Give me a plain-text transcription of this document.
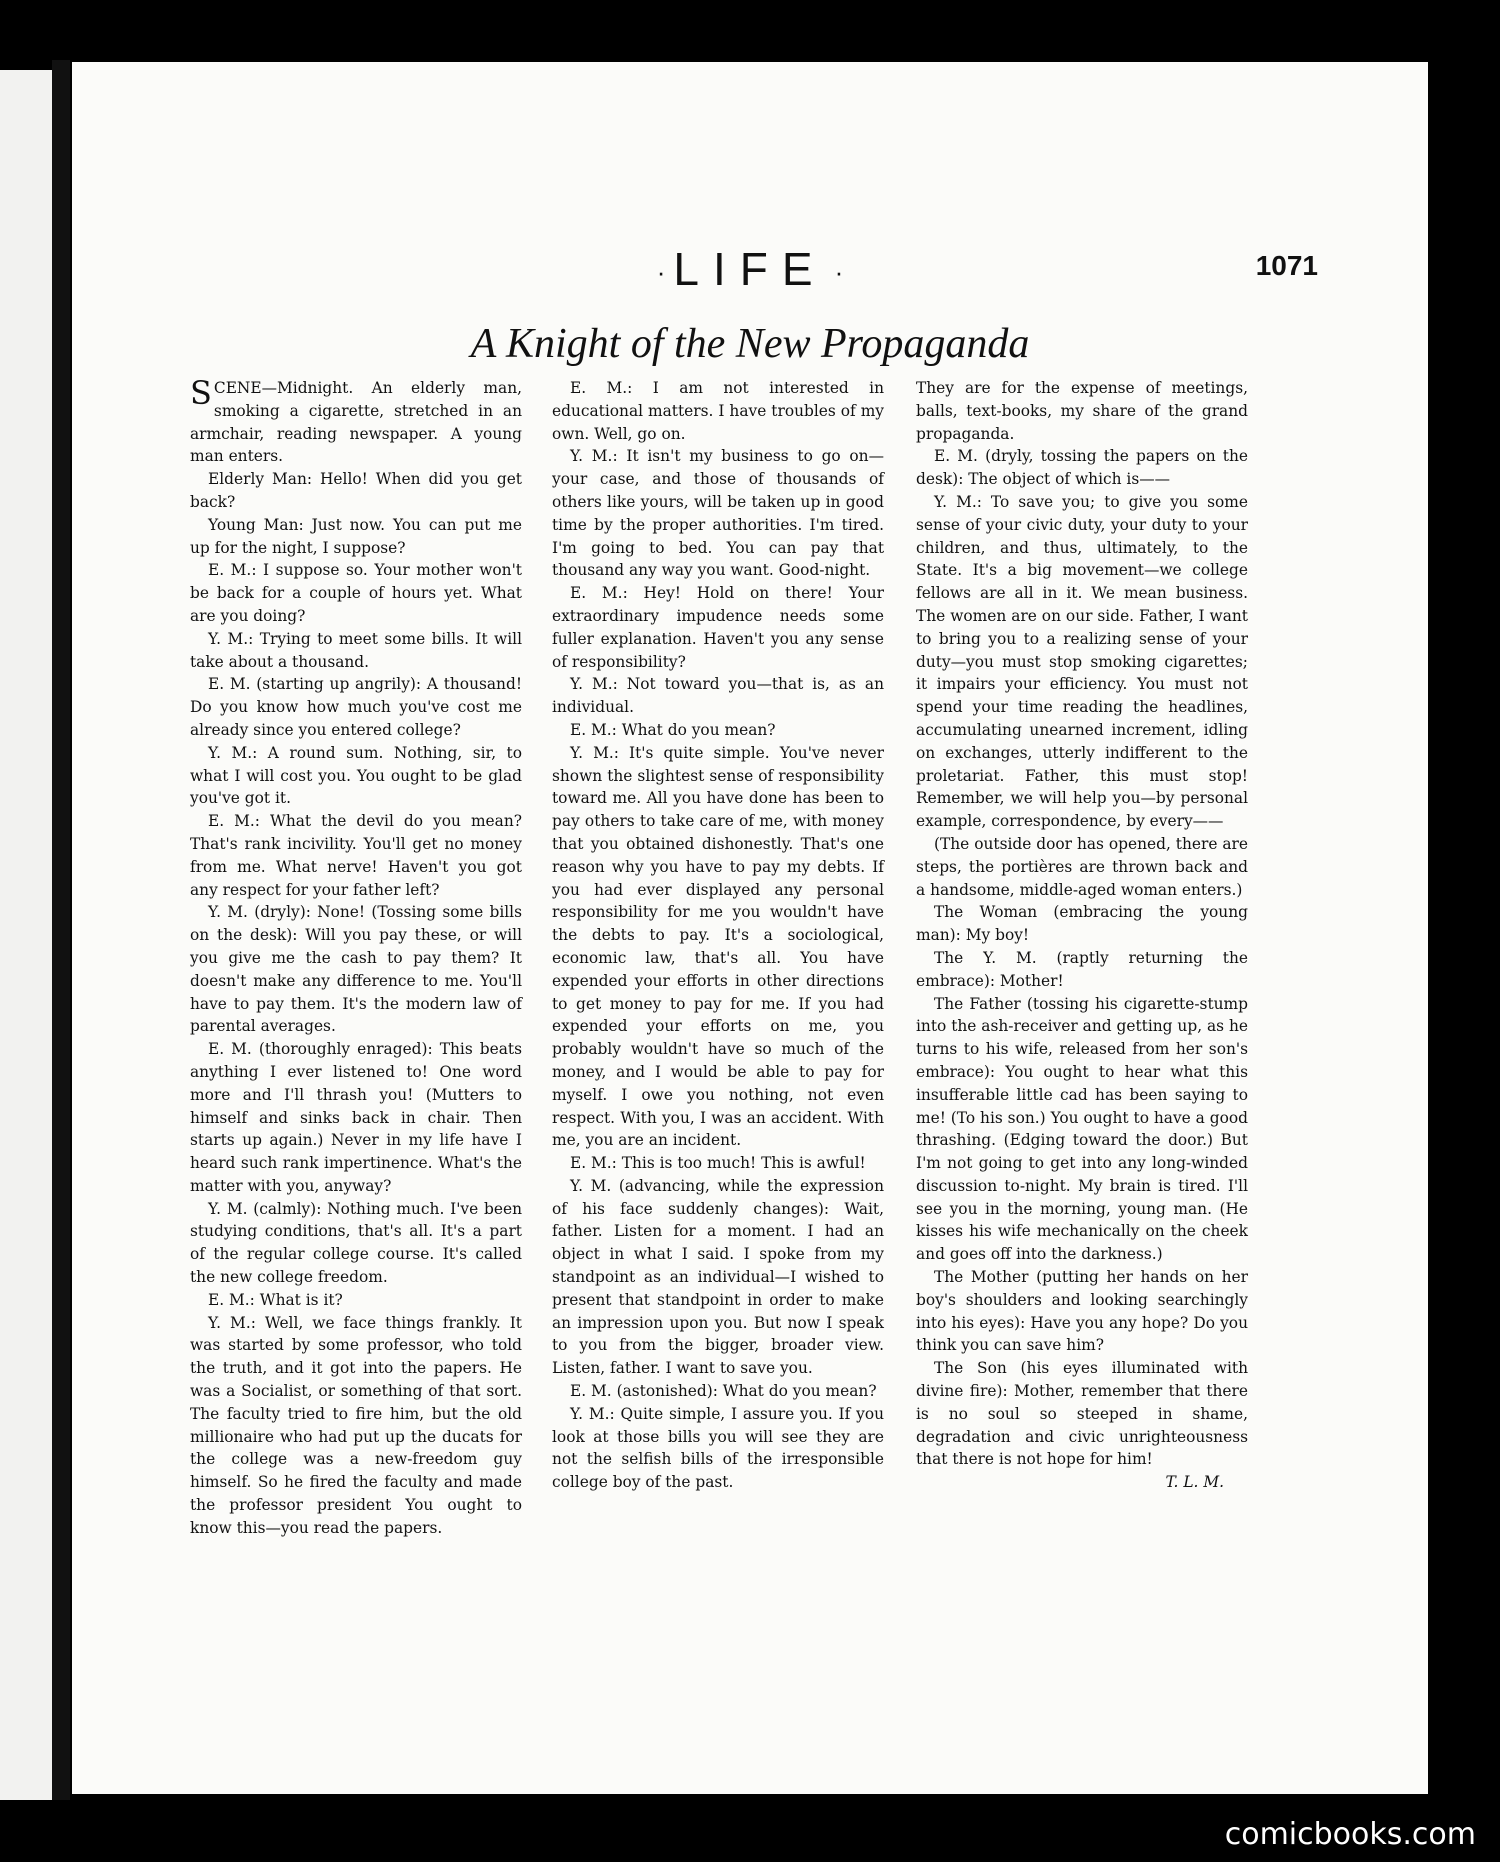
· LIFE ·	1071
A Knight of the New Propaganda

SCENE—Midnight. An elderly man, smoking a cigarette, stretched in an armchair, reading newspaper. A young man enters.

Elderly Man: Hello! When did you get back?

Young Man: Just now. You can put me up for the night, I suppose?

E. M.: I suppose so. Your mother won't be back for a couple of hours yet. What are you doing?

Y. M.: Trying to meet some bills. It will take about a thousand.

E. M. (starting up angrily): A thousand! Do you know how much you've cost me already since you entered college?

Y. M.: A round sum. Nothing, sir, to what I will cost you. You ought to be glad you've got it.

E. M.: What the devil do you mean? That's rank incivility. You'll get no money from me. What nerve! Haven't you got any respect for your father left?

Y. M. (dryly): None! (Tossing some bills on the desk): Will you pay these, or will you give me the cash to pay them? It doesn't make any difference to me. You'll have to pay them. It's the modern law of parental averages.

E. M. (thoroughly enraged): This beats anything I ever listened to! One word more and I'll thrash you! (Mutters to himself and sinks back in chair. Then starts up again.) Never in my life have I heard such rank impertinence. What's the matter with you, anyway?

Y. M. (calmly): Nothing much. I've been studying conditions, that's all. It's a part of the regular college course. It's called the new college freedom.

E. M.: What is it?

Y. M.: Well, we face things frankly. It was started by some professor, who told the truth, and it got into the papers. He was a Socialist, or something of that sort. The faculty tried to fire him, but the old millionaire who had put up the ducats for the college was a new-freedom guy himself. So he fired the faculty and made the professor president You ought to know this—you read the papers.

E. M.: I am not interested in educational matters. I have troubles of my own. Well, go on.

Y. M.: It isn't my business to go on—your case, and those of thousands of others like yours, will be taken up in good time by the proper authorities. I'm tired. I'm going to bed. You can pay that thousand any way you want. Good-night.

E. M.: Hey! Hold on there! Your extraordinary impudence needs some fuller explanation. Haven't you any sense of responsibility?

Y. M.: Not toward you—that is, as an individual.

E. M.: What do you mean?

Y. M.: It's quite simple. You've never shown the slightest sense of responsibility toward me. All you have done has been to pay others to take care of me, with money that you obtained dishonestly. That's one reason why you have to pay my debts. If you had ever displayed any personal responsibility for me you wouldn't have the debts to pay. It's a sociological, economic law, that's all. You have expended your efforts in other directions to get money to pay for me. If you had expended your efforts on me, you probably wouldn't have so much of the money, and I would be able to pay for myself. I owe you nothing, not even respect. With you, I was an accident. With me, you are an incident.

E. M.: This is too much! This is awful!

Y. M. (advancing, while the expression of his face suddenly changes): Wait, father. Listen for a moment. I had an object in what I said. I spoke from my standpoint as an individual—I wished to present that standpoint in order to make an impression upon you. But now I speak to you from the bigger, broader view. Listen, father. I want to save you.

E. M. (astonished): What do you mean?

Y. M.: Quite simple, I assure you. If you look at those bills you will see they are not the selfish bills of the irresponsible college boy of the past.

They are for the expense of meetings, balls, text-books, my share of the grand propaganda.

E. M. (dryly, tossing the papers on the desk): The object of which is——

Y. M.: To save you; to give you some sense of your civic duty, your duty to your children, and thus, ultimately, to the State. It's a big movement—we college fellows are all in it. We mean business. The women are on our side. Father, I want to bring you to a realizing sense of your duty—you must stop smoking cigarettes; it impairs your efficiency. You must not spend your time reading the headlines, accumulating unearned increment, idling on exchanges, utterly indifferent to the proletariat. Father, this must stop! Remember, we will help you—by personal example, correspondence, by every——

(The outside door has opened, there are steps, the portières are thrown back and a handsome, middle-aged woman enters.)

The Woman (embracing the young man): My boy!

The Y. M. (raptly returning the embrace): Mother!

The Father (tossing his cigarette-stump into the ash-receiver and getting up, as he turns to his wife, released from her son's embrace): You ought to hear what this insufferable little cad has been saying to me! (To his son.) You ought to have a good thrashing. (Edging toward the door.) But I'm not going to get into any long-winded discussion to-night. My brain is tired. I'll see you in the morning, young man. (He kisses his wife mechanically on the cheek and goes off into the darkness.)

The Mother (putting her hands on her boy's shoulders and looking searchingly into his eyes): Have you any hope? Do you think you can save him?

The Son (his eyes illuminated with divine fire): Mother, remember that there is no soul so steeped in shame, degradation and civic unrighteousness that there is not hope for him!

T. L. M.

comicbooks.com
